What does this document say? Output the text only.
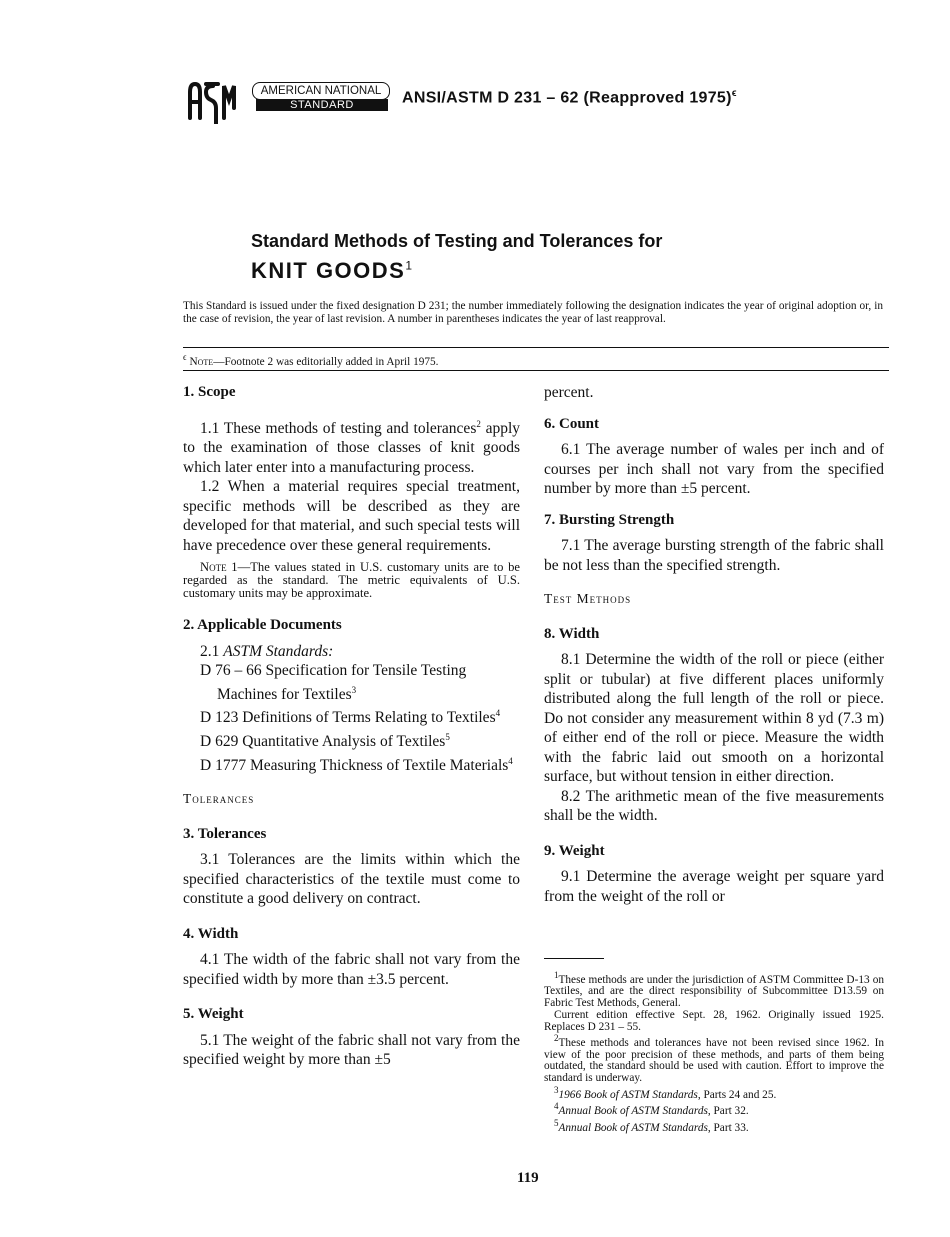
AMERICAN NATIONAL
STANDARD	ANSI/ASTM D 231 – 62 (Reapproved 1975)$^\epsilon$
Standard Methods of Testing and Tolerances for
KNIT GOODS$^1$
This Standard is issued under the fixed designation D 231; the number immediately following the designation indicates the year of original adoption or, in the case of revision, the year of last revision. A number in parentheses indicates the year of last reapproval.
$^\epsilon$ Note—Footnote 2 was editorially added in April 1975.
1. Scope

1.1 These methods of testing and tolerances$^2$ apply to the examination of those classes of knit goods which later enter into a manufacturing process.

1.2 When a material requires special treatment, specific methods will be described as they are developed for that material, and such special tests will have precedence over these general requirements.

Note 1—The values stated in U.S. customary units are to be regarded as the standard. The metric equivalents of U.S. customary units may be approximate.

2. Applicable Documents

2.1 ASTM Standards:

D 76 – 66 Specification for Tensile Testing Machines for Textiles$^3$

D 123 Definitions of Terms Relating to Textiles$^4$

D 629 Quantitative Analysis of Textiles$^5$

D 1777 Measuring Thickness of Textile Materials$^4$

Tolerances

3. Tolerances

3.1 Tolerances are the limits within which the specified characteristics of the textile must come to constitute a good delivery on contract.

4. Width

4.1 The width of the fabric shall not vary from the specified width by more than ±3.5 percent.

5. Weight

5.1 The weight of the fabric shall not vary from the specified weight by more than ±5

percent.

6. Count

6.1 The average number of wales per inch and of courses per inch shall not vary from the specified number by more than ±5 percent.

7. Bursting Strength

7.1 The average bursting strength of the fabric shall be not less than the specified strength.

Test Methods

8. Width

8.1 Determine the width of the roll or piece (either split or tubular) at five different places uniformly distributed along the full length of the roll or piece. Do not consider any measurement within 8 yd (7.3 m) of either end of the roll or piece. Measure the width with the fabric laid out smooth on a horizontal surface, but without tension in either direction.

8.2 The arithmetic mean of the five measurements shall be the width.

9. Weight

9.1 Determine the average weight per square yard from the weight of the roll or

$^1$These methods are under the jurisdiction of ASTM Committee D-13 on Textiles, and are the direct responsibility of Subcommittee D13.59 on Fabric Test Methods, General.

Current edition effective Sept. 28, 1962. Originally issued 1925. Replaces D 231 – 55.

$^2$These methods and tolerances have not been revised since 1962. In view of the poor precision of these methods, and parts of them being outdated, the standard should be used with caution. Effort to improve the standard is underway.

$^3$1966 Book of ASTM Standards, Parts 24 and 25.

$^4$Annual Book of ASTM Standards, Part 32.

$^5$Annual Book of ASTM Standards, Part 33.

119
